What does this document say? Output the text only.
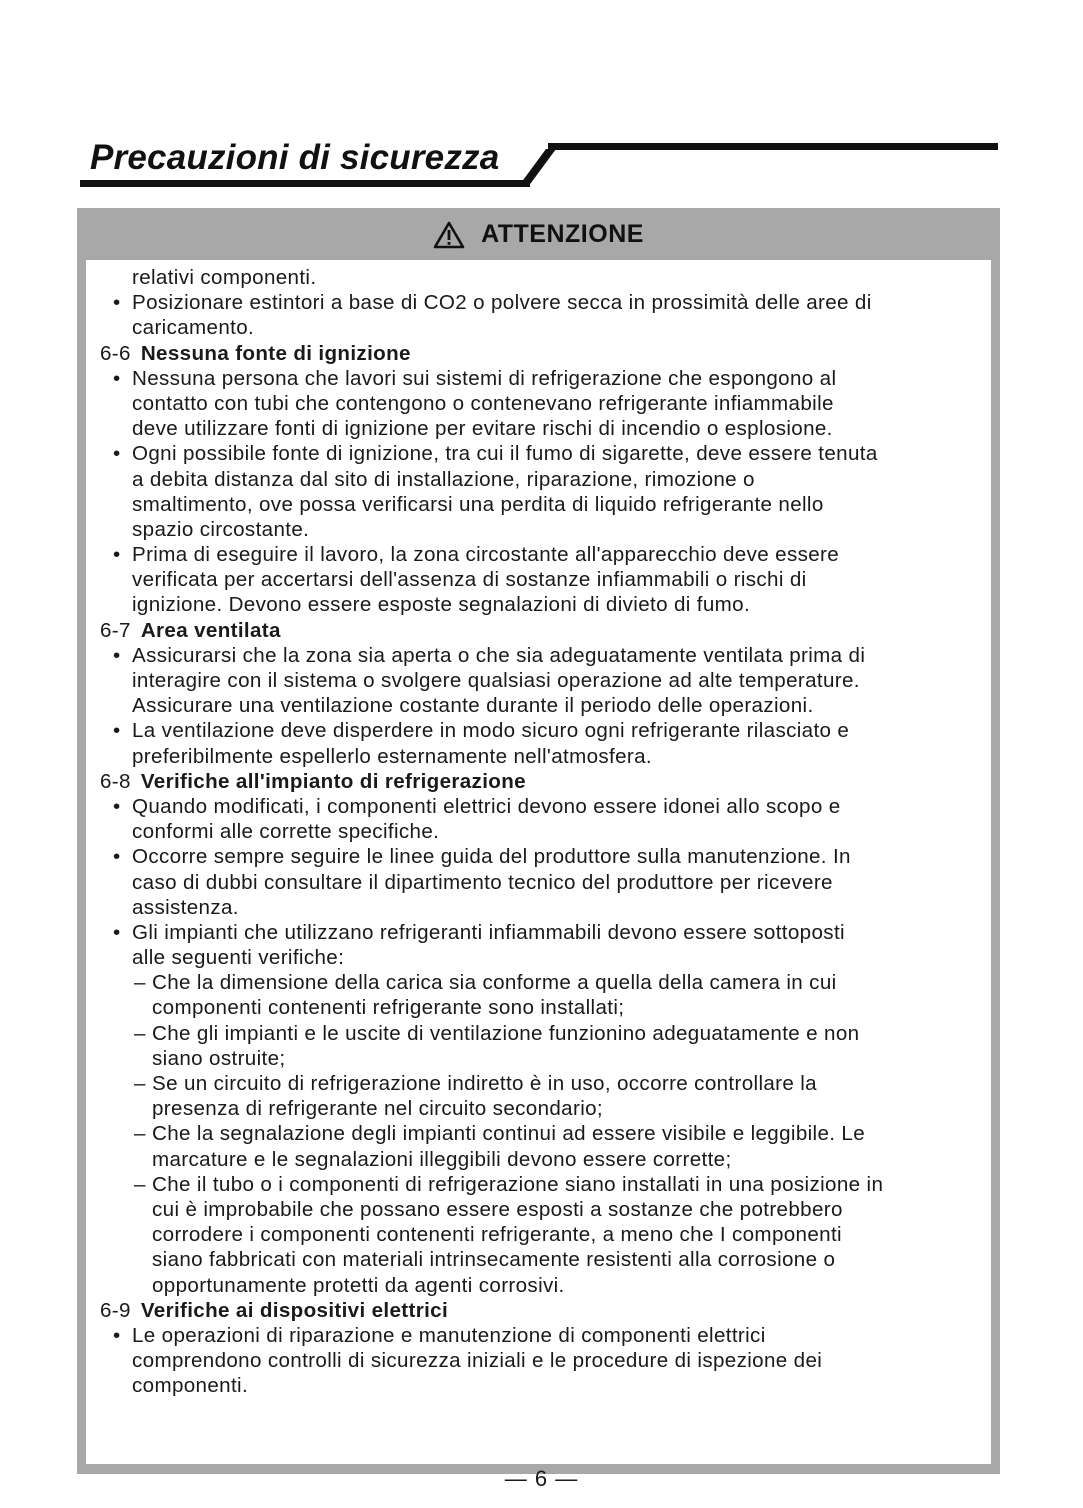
Precauzioni di sicurezza
ATTENZIONE
relativi componenti.
• Posizionare estintori a base di CO2 o polvere secca in prossimità delle aree di
caricamento.
6-6 Nessuna fonte di ignizione
• Nessuna persona che lavori sui sistemi di refrigerazione che espongono al
contatto con tubi che contengono o contenevano refrigerante infiammabile
deve utilizzare fonti di ignizione per evitare rischi di incendio o esplosione.
• Ogni possibile fonte di ignizione, tra cui il fumo di sigarette, deve essere tenuta
a debita distanza dal sito di installazione, riparazione, rimozione o
smaltimento, ove possa verificarsi una perdita di liquido refrigerante nello
spazio circostante.
• Prima di eseguire il lavoro, la zona circostante all'apparecchio deve essere
verificata per accertarsi dell'assenza di sostanze infiammabili o rischi di
ignizione. Devono essere esposte segnalazioni di divieto di fumo.
6-7 Area ventilata
• Assicurarsi che la zona sia aperta o che sia adeguatamente ventilata prima di
interagire con il sistema o svolgere qualsiasi operazione ad alte temperature.
Assicurare una ventilazione costante durante il periodo delle operazioni.
• La ventilazione deve disperdere in modo sicuro ogni refrigerante rilasciato e
preferibilmente espellerlo esternamente nell'atmosfera.
6-8 Verifiche all'impianto di refrigerazione
• Quando modificati, i componenti elettrici devono essere idonei allo scopo e
conformi alle corrette specifiche.
• Occorre sempre seguire le linee guida del produttore sulla manutenzione. In
caso di dubbi consultare il dipartimento tecnico del produttore per ricevere
assistenza.
• Gli impianti che utilizzano refrigeranti infiammabili devono essere sottoposti
alle seguenti verifiche:
– Che la dimensione della carica sia conforme a quella della camera in cui
componenti contenenti refrigerante sono installati;
– Che gli impianti e le uscite di ventilazione funzionino adeguatamente e non
siano ostruite;
– Se un circuito di refrigerazione indiretto è in uso, occorre controllare la
presenza di refrigerante nel circuito secondario;
– Che la segnalazione degli impianti continui ad essere visibile e leggibile. Le
marcature e le segnalazioni illeggibili devono essere corrette;
– Che il tubo o i componenti di refrigerazione siano installati in una posizione in
cui è improbabile che possano essere esposti a sostanze che potrebbero
corrodere i componenti contenenti refrigerante, a meno che I componenti
siano fabbricati con materiali intrinsecamente resistenti alla corrosione o
opportunamente protetti da agenti corrosivi.
6-9 Verifiche ai dispositivi elettrici
• Le operazioni di riparazione e manutenzione di componenti elettrici
comprendono controlli di sicurezza iniziali e le procedure di ispezione dei
componenti.
— 6 —
